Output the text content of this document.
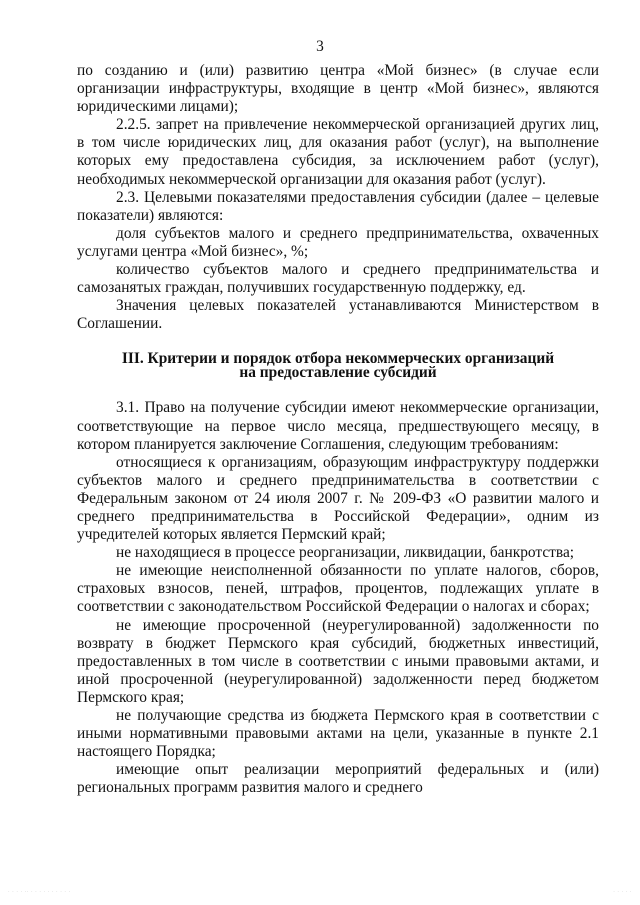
3

по созданию и (или) развитию центра «Мой бизнес» (в случае если организации инфраструктуры, входящие в центр «Мой бизнес», являются юридическими лицами);

2.2.5. запрет на привлечение некоммерческой организацией других лиц, в том числе юридических лиц, для оказания работ (услуг), на выполнение которых ему предоставлена субсидия, за исключением работ (услуг), необходимых некоммерческой организации для оказания работ (услуг).

2.3. Целевыми показателями предоставления субсидии (далее – целевые показатели) являются:

доля субъектов малого и среднего предпринимательства, охваченных услугами центра «Мой бизнес», %;

количество субъектов малого и среднего предпринимательства и самозанятых граждан, получивших государственную поддержку, ед.

Значения целевых показателей устанавливаются Министерством в Соглашении.

III. Критерии и порядок отбора некоммерческих организаций
на предоставление субсидий

3.1. Право на получение субсидии имеют некоммерческие организации, соответствующие на первое число месяца, предшествующего месяцу, в котором планируется заключение Соглашения, следующим требованиям:

относящиеся к организациям, образующим инфраструктуру поддержки субъектов малого и среднего предпринимательства в соответствии с Федеральным законом от 24 июля 2007 г. № 209-ФЗ «О развитии малого и среднего предпринимательства в Российской Федерации», одним из учредителей которых является Пермский край;

не находящиеся в процессе реорганизации, ликвидации, банкротства;

не имеющие неисполненной обязанности по уплате налогов, сборов, страховых взносов, пеней, штрафов, процентов, подлежащих уплате в соответствии с законодательством Российской Федерации о налогах и сборах;

не имеющие просроченной (неурегулированной) задолженности по возврату в бюджет Пермского края субсидий, бюджетных инвестиций, предоставленных в том числе в соответствии с иными правовыми актами, и иной просроченной (неурегулированной) задолженности перед бюджетом Пермского края;

не получающие средства из бюджета Пермского края в соответствии с иными нормативными правовыми актами на цели, указанные в пункте 2.1 настоящего Порядка;

имеющие опыт реализации мероприятий федеральных и (или) региональных программ развития малого и среднего

· · · · ·· · · · · · · · · · ·	· · · · ·
